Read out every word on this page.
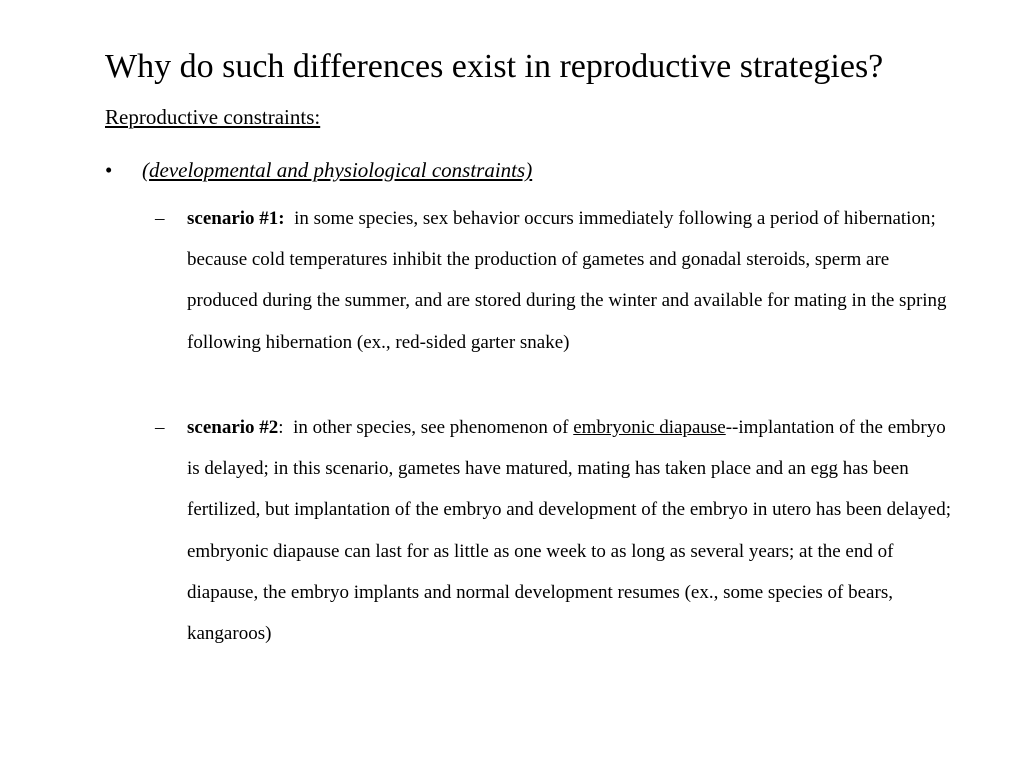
Why do such differences exist in reproductive strategies?
Reproductive constraints:
• (developmental and physiological constraints)
– scenario #1:  in some species, sex behavior occurs immediately following a period of hibernation; because cold temperatures inhibit the production of gametes and gonadal steroids, sperm are produced during the summer, and are stored during the winter and available for mating in the spring following hibernation (ex., red-sided garter snake)
– scenario #2:  in other species, see phenomenon of embryonic diapause--implantation of the embryo is delayed; in this scenario, gametes have matured, mating has taken place and an egg has been fertilized, but implantation of the embryo and development of the embryo in utero has been delayed; embryonic diapause can last for as little as one week to as long as several years; at the end of diapause, the embryo implants and normal development resumes (ex., some species of bears, kangaroos)
